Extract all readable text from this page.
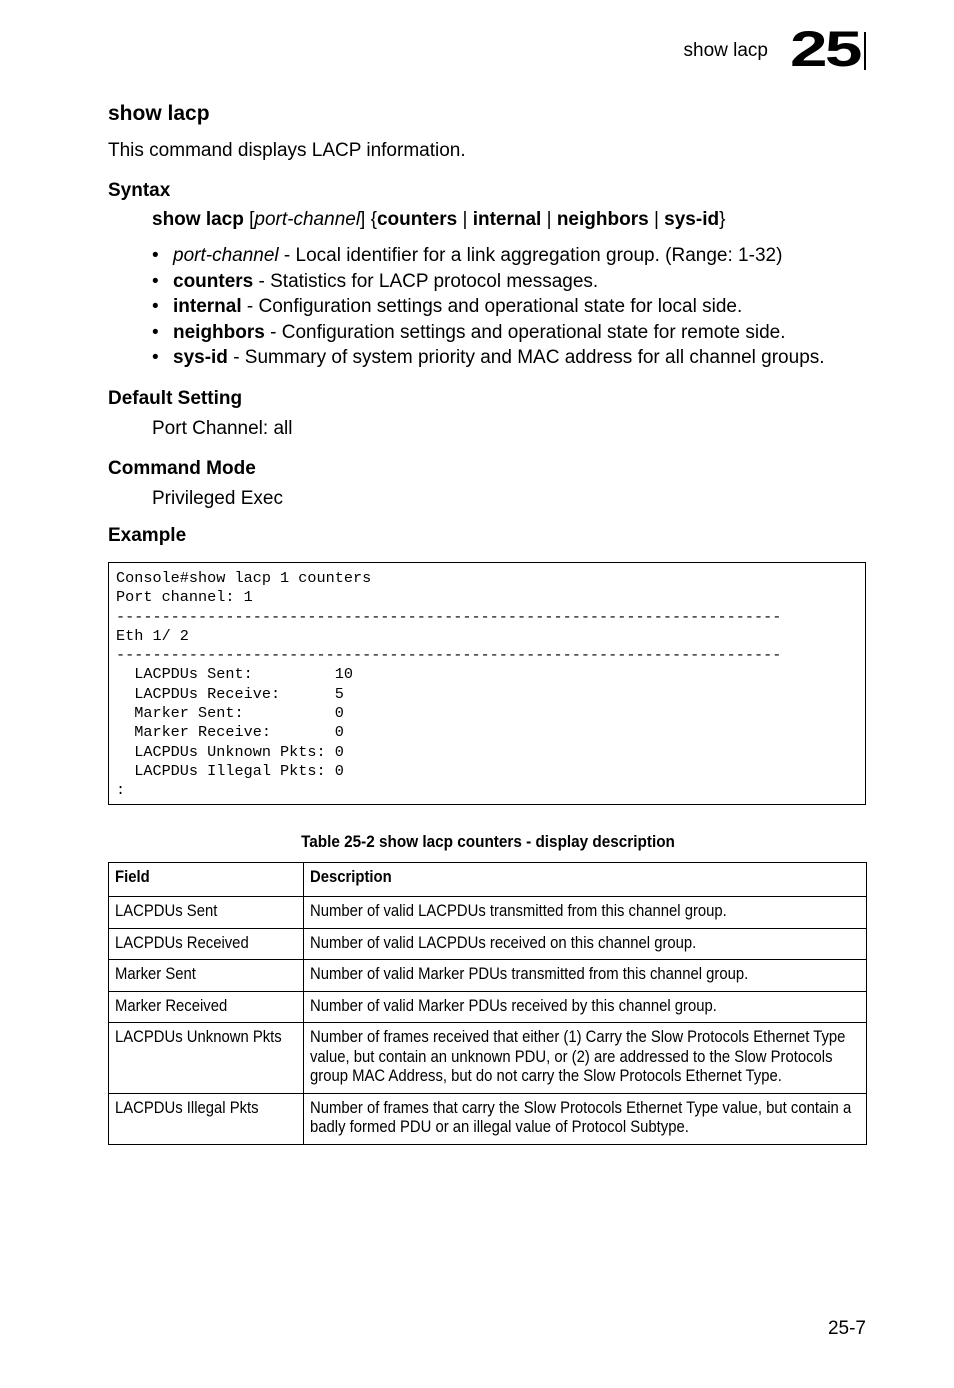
show lacp 25
show lacp

This command displays LACP information.

Syntax
show lacp [port-channel] {counters | internal | neighbors | sys-id}
• port-channel - Local identifier for a link aggregation group. (Range: 1-32)
• counters - Statistics for LACP protocol messages.
• internal - Configuration settings and operational state for local side.
• neighbors - Configuration settings and operational state for remote side.
• sys-id - Summary of system priority and MAC address for all channel groups.
Default Setting
Port Channel: all
Command Mode
Privileged Exec
Example
Console#show lacp 1 counters
Port channel: 1
-------------------------------------------------------------------------
Eth 1/ 2
-------------------------------------------------------------------------
LACPDUs Sent:         10
LACPDUs Receive:      5
Marker Sent:          0
Marker Receive:       0
LACPDUs Unknown Pkts: 0
LACPDUs Illegal Pkts: 0
:
Table 25-2 show lacp counters - display description
Field	Description
LACPDUs Sent	Number of valid LACPDUs transmitted from this channel group.
LACPDUs Received	Number of valid LACPDUs received on this channel group.
Marker Sent	Number of valid Marker PDUs transmitted from this channel group.
Marker Received	Number of valid Marker PDUs received by this channel group.
LACPDUs Unknown Pkts	Number of frames received that either (1) Carry the Slow Protocols Ethernet Type value, but contain an unknown PDU, or (2) are addressed to the Slow Protocols group MAC Address, but do not carry the Slow Protocols Ethernet Type.
LACPDUs Illegal Pkts	Number of frames that carry the Slow Protocols Ethernet Type value, but contain a badly formed PDU or an illegal value of Protocol Subtype.
25-7
